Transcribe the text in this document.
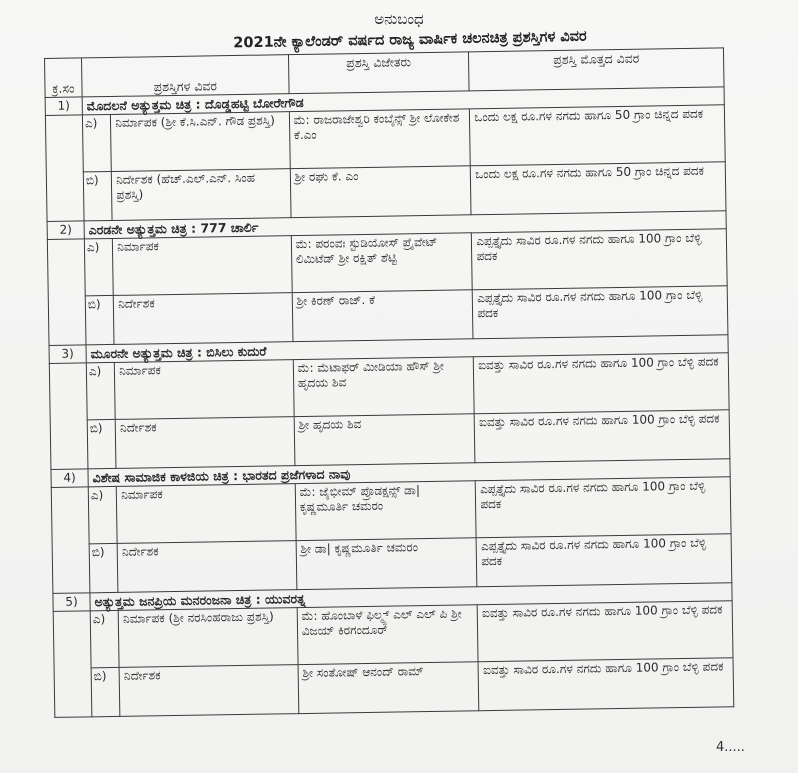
ಅನುಬಂಧ
2021ನೇ ಕ್ಯಾಲೆಂಡರ್ ವರ್ಷದ ರಾಜ್ಯ ವಾರ್ಷಿಕ ಚಲನಚಿತ್ರ ಪ್ರಶಸ್ತಿಗಳ ವಿವರ
ಕ್ರ.ಸಂ	ಪ್ರಶಸ್ತಿಗಳ ವಿವರ		ಪ್ರಶಸ್ತಿ ವಿಜೇತರು	ಪ್ರಶಸ್ತಿ ಮೊತ್ತದ ವಿವರ
1)	ಮೊದಲನೆ ಅತ್ಯುತ್ತಮ ಚಿತ್ರ : ದೊಡ್ಡಹಟ್ಟಿ ಬೋರೇಗೌಡ			
	ಎ)	ನಿರ್ಮಾಪಕ (ಶ್ರೀ ಕೆ.ಸಿ.ಎನ್. ಗೌಡ ಪ್ರಶಸ್ತಿ)	ಮೆ: ರಾಜರಾಜೇಶ್ವರಿ ಕಂಬೈನ್ಸ್ ಶ್ರೀ ಲೋಕೇಶ ಕೆ.ಎಂ	ಒಂದು ಲಕ್ಷ ರೂ.ಗಳ ನಗದು ಹಾಗೂ 50 ಗ್ರಾಂ ಚಿನ್ನದ ಪದಕ
	ಬಿ)	ನಿರ್ದೇಶಕ (ಹೆಚ್.ಎಲ್.ಎನ್. ಸಿಂಹ ಪ್ರಶಸ್ತಿ)	ಶ್ರೀ ರಘು ಕೆ. ಎಂ	ಒಂದು ಲಕ್ಷ ರೂ.ಗಳ ನಗದು ಹಾಗೂ 50 ಗ್ರಾಂ ಚಿನ್ನದ ಪದಕ
2)	ಎರಡನೇ ಅತ್ಯುತ್ತಮ ಚಿತ್ರ : 777 ಚಾರ್ಲಿ			
	ಎ)	ನಿರ್ಮಾಪಕ	ಮೆ: ಪರಂವಃ ಸ್ಟುಡಿಯೋಸ್ ಪ್ರೈವೇಟ್ ಲಿಮಿಟೆಡ್ ಶ್ರೀ ರಕ್ಷಿತ್ ಶೆಟ್ಟಿ	ಎಪ್ಪತ್ತೈದು ಸಾವಿರ ರೂ.ಗಳ ನಗದು ಹಾಗೂ 100 ಗ್ರಾಂ ಬೆಳ್ಳಿ ಪದಕ
	ಬಿ)	ನಿರ್ದೇಶಕ	ಶ್ರೀ ಕಿರಣ್ ರಾಜ್. ಕೆ	ಎಪ್ಪತ್ತೈದು ಸಾವಿರ ರೂ.ಗಳ ನಗದು ಹಾಗೂ 100 ಗ್ರಾಂ ಬೆಳ್ಳಿ ಪದಕ
3)	ಮೂರನೇ ಅತ್ಯುತ್ತಮ ಚಿತ್ರ : ಬಿಸಿಲು ಕುದುರೆ			
	ಎ)	ನಿರ್ಮಾಪಕ	ಮೆ: ಮೆಟಾಫರ್ ಮೀಡಿಯಾ ಹೌಸ್ ಶ್ರೀ ಹೃದಯ ಶಿವ	ಐವತ್ತು ಸಾವಿರ ರೂ.ಗಳ ನಗದು ಹಾಗೂ 100 ಗ್ರಾಂ ಬೆಳ್ಳಿ ಪದಕ
	ಬಿ)	ನಿರ್ದೇಶಕ	ಶ್ರೀ ಹೃದಯ ಶಿವ	ಐವತ್ತು ಸಾವಿರ ರೂ.ಗಳ ನಗದು ಹಾಗೂ 100 ಗ್ರಾಂ ಬೆಳ್ಳಿ ಪದಕ
4)	ವಿಶೇಷ ಸಾಮಾಜಿಕ ಕಾಳಜಿಯ ಚಿತ್ರ : ಭಾರತದ ಪ್ರಜೆಗಳಾದ ನಾವು			
	ಎ)	ನಿರ್ಮಾಪಕ	ಮೆ: ಜೈಭೀಮ್ ಪ್ರೊಡಕ್ಷನ್ಸ್ ಡಾ| ಕೃಷ್ಣಮೂರ್ತಿ ಚಮರಂ	ಎಪ್ಪತ್ತೈದು ಸಾವಿರ ರೂ.ಗಳ ನಗದು ಹಾಗೂ 100 ಗ್ರಾಂ ಬೆಳ್ಳಿ ಪದಕ
	ಬಿ)	ನಿರ್ದೇಶಕ	ಶ್ರೀ ಡಾ| ಕೃಷ್ಣಮೂರ್ತಿ ಚಮರಂ	ಎಪ್ಪತ್ತೈದು ಸಾವಿರ ರೂ.ಗಳ ನಗದು ಹಾಗೂ 100 ಗ್ರಾಂ ಬೆಳ್ಳಿ ಪದಕ
5)	ಅತ್ಯುತ್ತಮ ಜನಪ್ರಿಯ ಮನರಂಜನಾ ಚಿತ್ರ : ಯುವರತ್ನ			
	ಎ)	ನಿರ್ಮಾಪಕ (ಶ್ರೀ ನರಸಿಂಹರಾಜು ಪ್ರಶಸ್ತಿ)	ಮೆ: ಹೊಂಬಾಳೆ ಫಿಲ್ಮ್ಸ್ ಎಲ್ ಎಲ್ ಪಿ ಶ್ರೀ ವಿಜಯ್ ಕಿರಗಂದೂರ್	ಐವತ್ತು ಸಾವಿರ ರೂ.ಗಳ ನಗದು ಹಾಗೂ 100 ಗ್ರಾಂ ಬೆಳ್ಳಿ ಪದಕ
	ಬಿ)	ನಿರ್ದೇಶಕ	ಶ್ರೀ ಸಂತೋಷ್ ಆನಂದ್ ರಾಮ್	ಐವತ್ತು ಸಾವಿರ ರೂ.ಗಳ ನಗದು ಹಾಗೂ 100 ಗ್ರಾಂ ಬೆಳ್ಳಿ ಪದಕ
4.....
